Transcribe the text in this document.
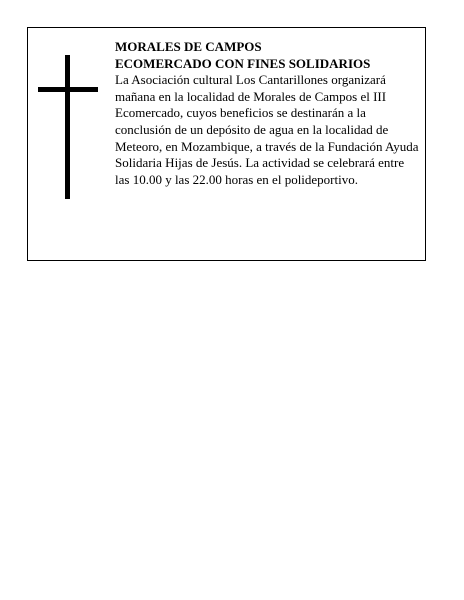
MORALES DE CAMPOS
ECOMERCADO CON FINES SOLIDARIOS

La Asociación cultural Los Cantarillones organizará mañana en la localidad de Morales de Campos el III Ecomercado, cuyos beneficios se destinarán a la conclusión de un depósito de agua en la localidad de Meteoro, en Mozambique, a través de la Fundación Ayuda Solidaria Hijas de Jesús. La actividad se celebrará entre las 10.00 y las 22.00 horas en el polideportivo.
